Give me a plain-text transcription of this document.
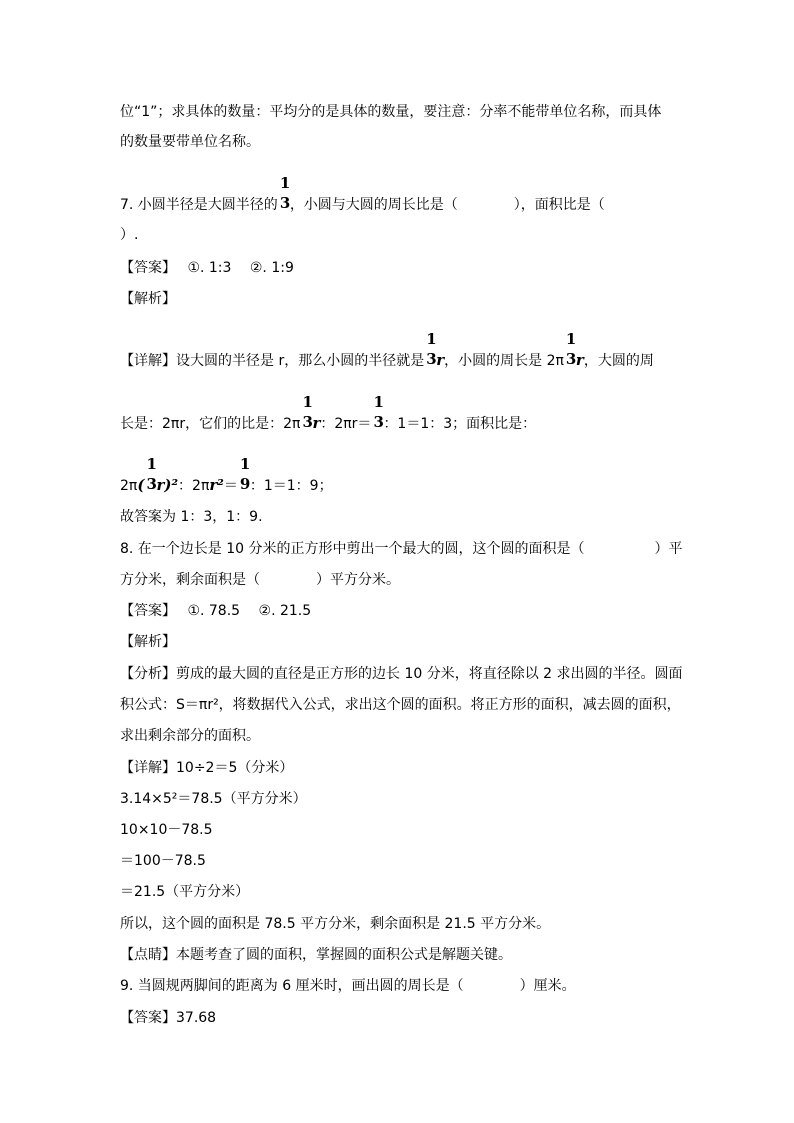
位“1”；求具体的数量：平均分的是具体的数量，要注意：分率不能带单位名称，而具体
的数量要带单位名称。
7. 小圆半径是大圆半径的
1
3 ，小圆与大圆的周长比是（　　　　），面积比是（
）.
【答案】　 ①. 1:3　 ②. 1:9
【解析】
【详解】设大圆的半径是 r，那么小圆的半径就是
1
3 r，小圆的周长是 2π
1
3 r，大圆的周
长是：2πr，它们的比是：2π
1
3 r：2πr＝
1
3 ：1＝1：3；面积比是：
2π(
1
3 r)²：2πr²＝
1
9 ：1＝1：9；
故答案为 1：3，1：9.
8. 在一个边长是 10 分米的正方形中剪出一个最大的圆，这个圆的面积是（　　　　　）平
方分米，剩余面积是（　　　　）平方分米。
【答案】　 ①. 78.5　 ②. 21.5
【解析】
【分析】剪成的最大圆的直径是正方形的边长 10 分米，将直径除以 2 求出圆的半径。圆面
积公式：S＝πr²，将数据代入公式，求出这个圆的面积。将正方形的面积，减去圆的面积，
求出剩余部分的面积。
【详解】10÷2＝5（分米）
3.14×5²＝78.5（平方分米）
10×10－78.5
＝100－78.5
＝21.5（平方分米）
所以，这个圆的面积是 78.5 平方分米，剩余面积是 21.5 平方分米。
【点睛】本题考查了圆的面积，掌握圆的面积公式是解题关键。
9. 当圆规两脚间的距离为 6 厘米时，画出圆的周长是（　　　　）厘米。
【答案】37.68
